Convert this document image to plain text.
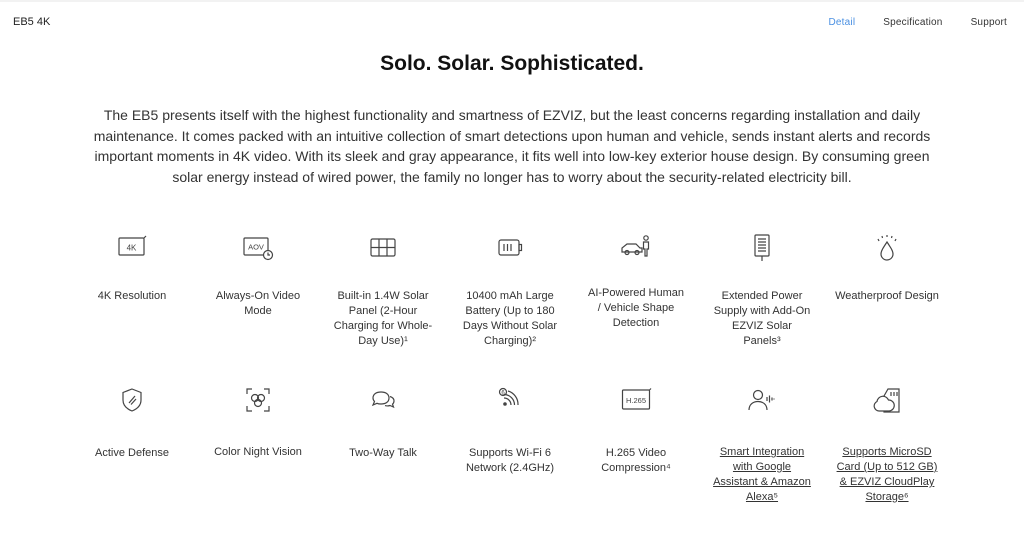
EB5 4K	Detail	Specification	Support
Solo. Solar. Sophisticated.

The EB5 presents itself with the highest functionality and smartness of EZVIZ, but the least concerns regarding installation and daily maintenance. It comes packed with an intuitive collection of smart detections upon human and vehicle, sends instant alerts and records important moments in 4K video. With its sleek and gray appearance, it fits well into low-key exterior house design. By consuming green solar energy instead of wired power, the family no longer has to worry about the security-related electricity bill.

4K
4K Resolution
AOV
Always-On Video Mode
Built-in 1.4W Solar Panel (2-Hour Charging for Whole-Day Use)¹
10400 mAh Large Battery (Up to 180 Days Without Solar Charging)²
AI-Powered Human / Vehicle Shape Detection
Extended Power Supply with Add-On EZVIZ Solar Panels³
Weatherproof Design
Active Defense	Color Night Vision	Two-Way Talk
6
Supports Wi-Fi 6 Network (2.4GHz)
H.265
H.265 Video Compression⁴
Smart Integration with Google Assistant & Amazon Alexa⁵
Supports MicroSD Card (Up to 512 GB) & EZVIZ CloudPlay Storage⁶
